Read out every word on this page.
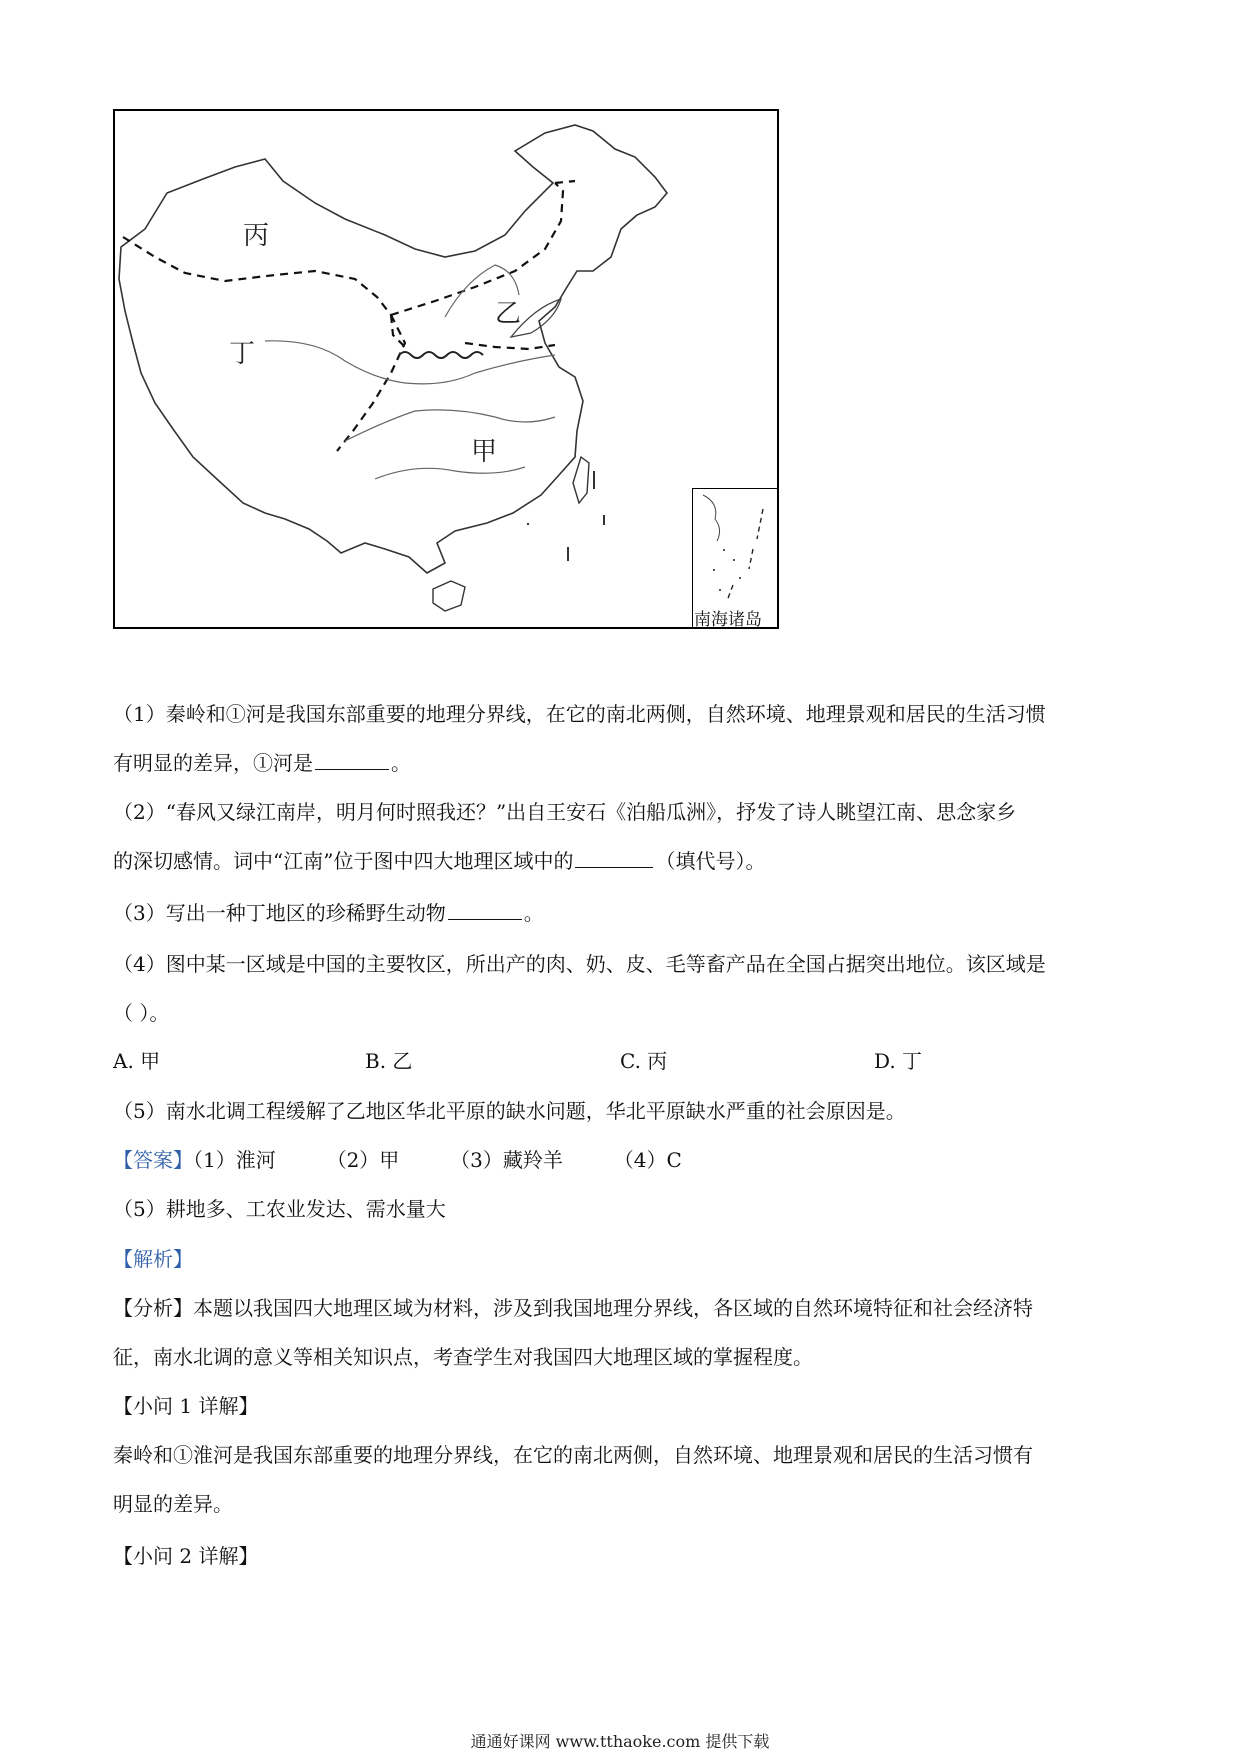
丙
丁
乙
甲
南海诸岛
（1）秦岭和①河是我国东部重要的地理分界线，在它的南北两侧，自然环境、地理景观和居民的生活习惯
有明显的差异，①河是	。
（2）“春风又绿江南岸，明月何时照我还？”出自王安石《泊船瓜洲》，抒发了诗人眺望江南、思念家乡
的深切感情。词中“江南”位于图中四大地理区域中的	（填代号）。
（3）写出一种丁地区的珍稀野生动物	。
（4）图中某一区域是中国的主要牧区，所出产的肉、奶、皮、毛等畜产品在全国占据突出地位。该区域是
（ ）。
A. 甲	B. 乙	C. 丙	D. 丁
（5）南水北调工程缓解了乙地区华北平原的缺水问题，华北平原缺水严重的社会原因是。
【答案】（1）淮河        （2）甲        （3）藏羚羊        （4）C
（5）耕地多、工农业发达、需水量大
【解析】
【分析】本题以我国四大地理区域为材料，涉及到我国地理分界线，各区域的自然环境特征和社会经济特
征，南水北调的意义等相关知识点，考查学生对我国四大地理区域的掌握程度。
【小问 1 详解】
秦岭和①淮河是我国东部重要的地理分界线，在它的南北两侧，自然环境、地理景观和居民的生活习惯有
明显的差异。
【小问 2 详解】
通通好课网 www.tthaoke.com 提供下载
